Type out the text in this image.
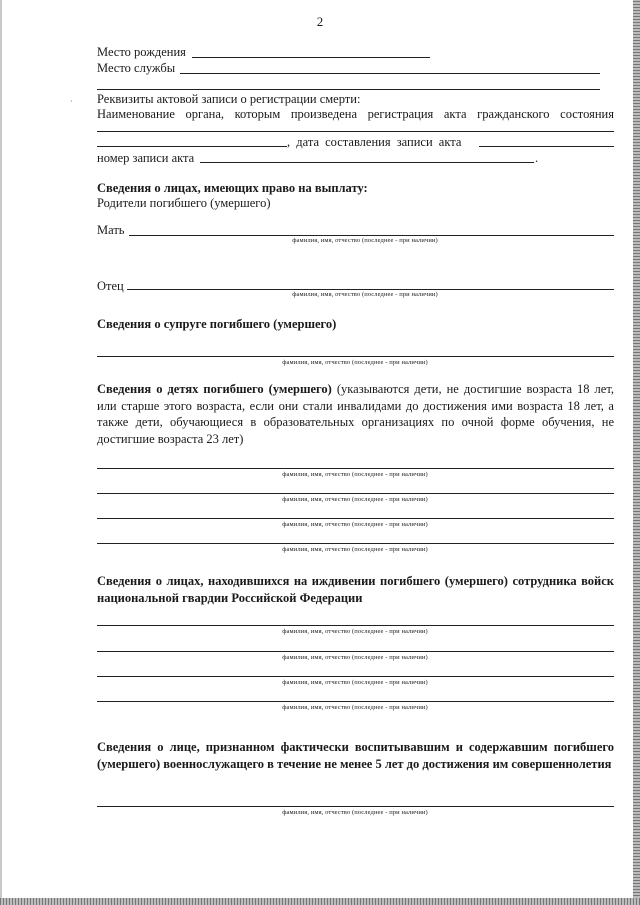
2
Место рождения
Место службы
· Реквизиты актовой записи о регистрации смерти:
Наименование органа, которым произведена регистрация акта гражданского состояния
, дата составления записи акта
номер записи акта	.
Сведения о лицах, имеющих право на выплату:
Родители погибшего (умершего)
Мать
фамилия, имя, отчество (последнее - при наличии)
Отец
фамилия, имя, отчество (последнее - при наличии)
Сведения о супруге погибшего (умершего)
фамилия, имя, отчество (последнее - при наличии)
Сведения о детях погибшего (умершего) (указываются дети, не достигшие возраста 18 лет, или старше этого возраста, если они стали инвалидами до достижения ими возраста 18 лет, а также дети, обучающиеся в образовательных организациях по очной форме обучения, не достигшие возраста 23 лет)
фамилия, имя, отчество (последнее - при наличии)
фамилия, имя, отчество (последнее - при наличии)
фамилия, имя, отчество (последнее - при наличии)
фамилия, имя, отчество (последнее - при наличии)
Сведения о лицах, находившихся на иждивении погибшего (умершего) сотрудника войск национальной гвардии Российской Федерации
фамилия, имя, отчество (последнее - при наличии)
фамилия, имя, отчество (последнее - при наличии)
фамилия, имя, отчество (последнее - при наличии)
фамилия, имя, отчество (последнее - при наличии)
Сведения о лице, признанном фактически воспитывавшим и содержавшим погибшего (умершего) военнослужащего в течение не менее 5 лет до достижения им совершеннолетия
фамилия, имя, отчество (последнее - при наличии)
